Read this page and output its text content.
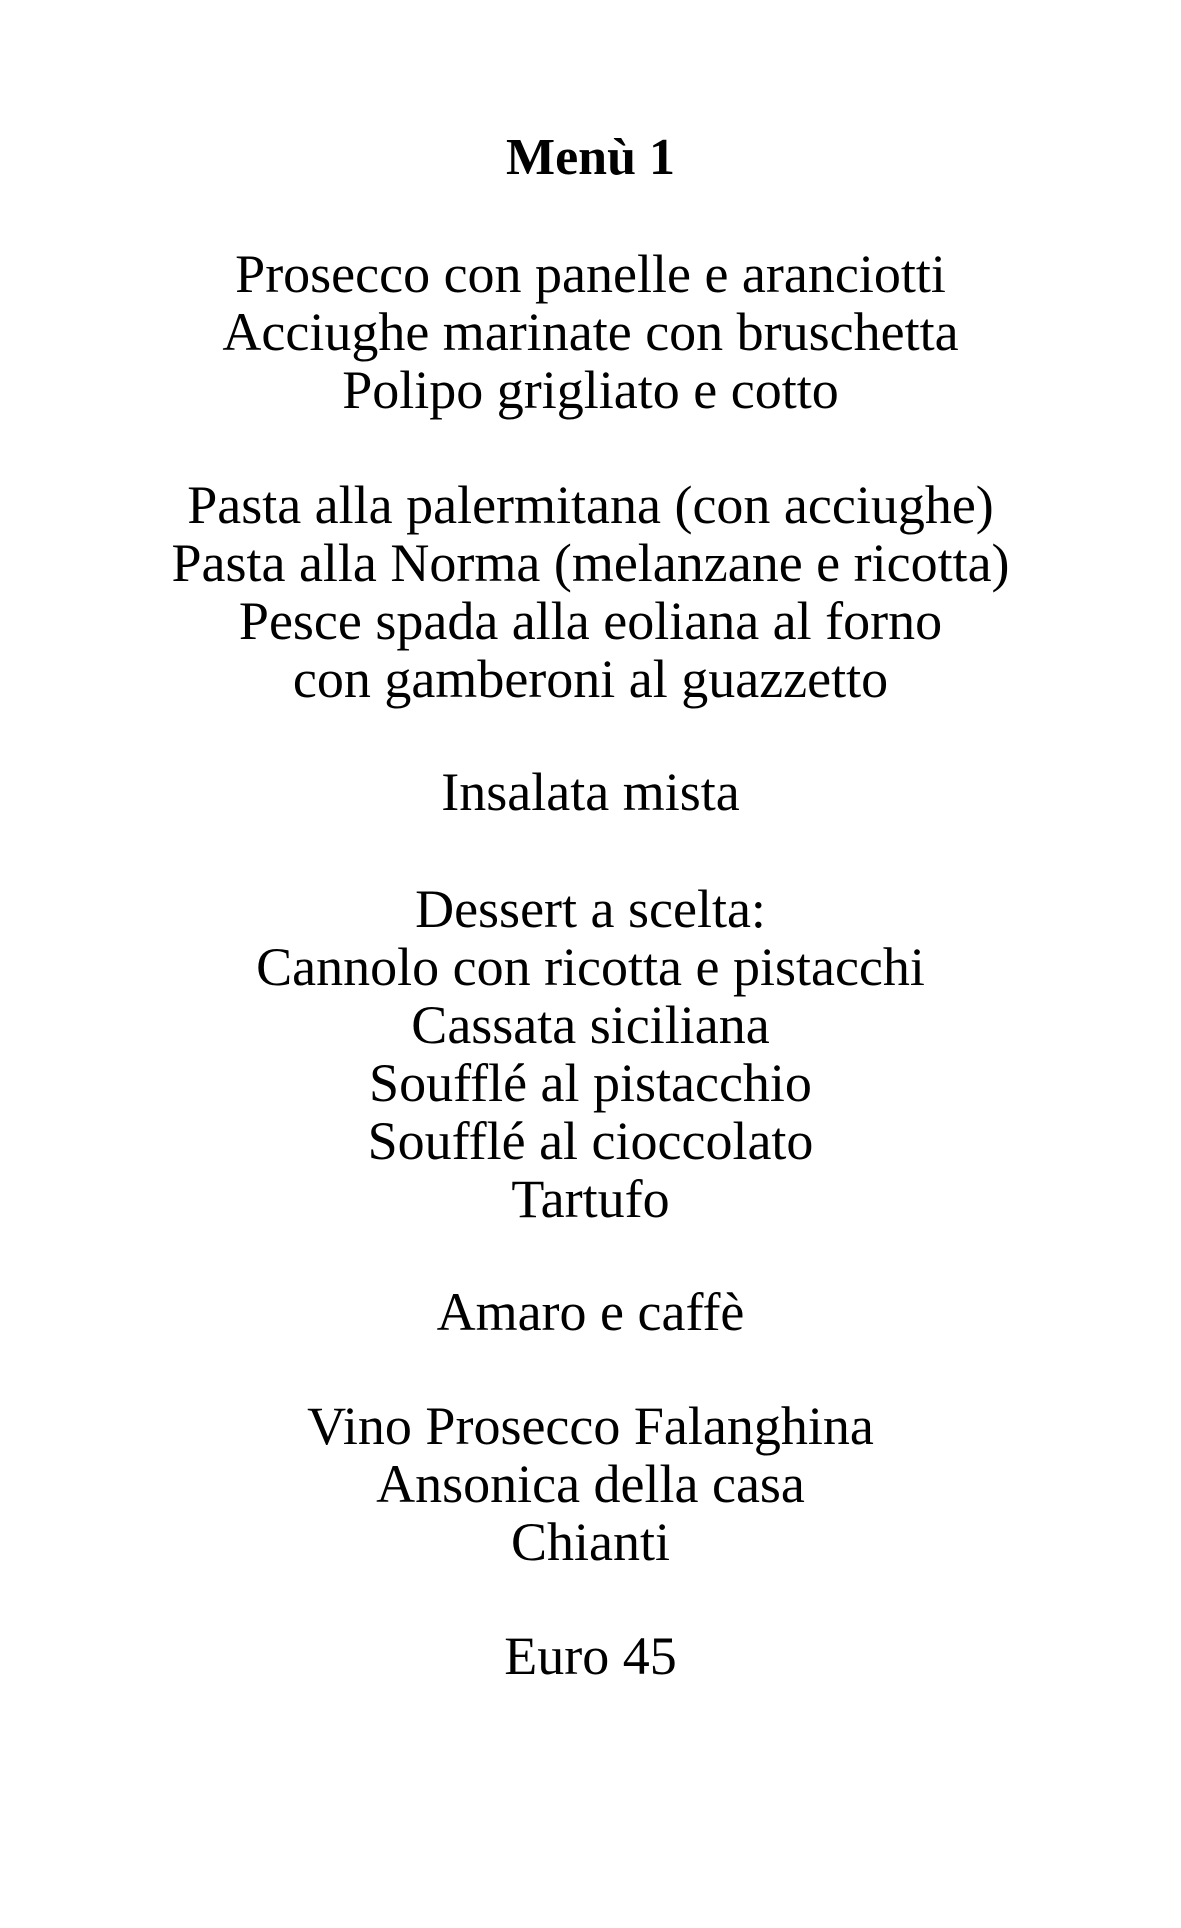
Menù 1
Prosecco con panelle e aranciotti
Acciughe marinate con bruschetta
Polipo grigliato e cotto
Pasta alla palermitana (con acciughe)
Pasta alla Norma (melanzane e ricotta)
Pesce spada alla eoliana al forno
con gamberoni al guazzetto
Insalata mista
Dessert a scelta:
Cannolo con ricotta e pistacchi
Cassata siciliana
Soufflé al pistacchio
Soufflé al cioccolato
Tartufo
Amaro e caffè
Vino Prosecco Falanghina
Ansonica della casa
Chianti
Euro 45
